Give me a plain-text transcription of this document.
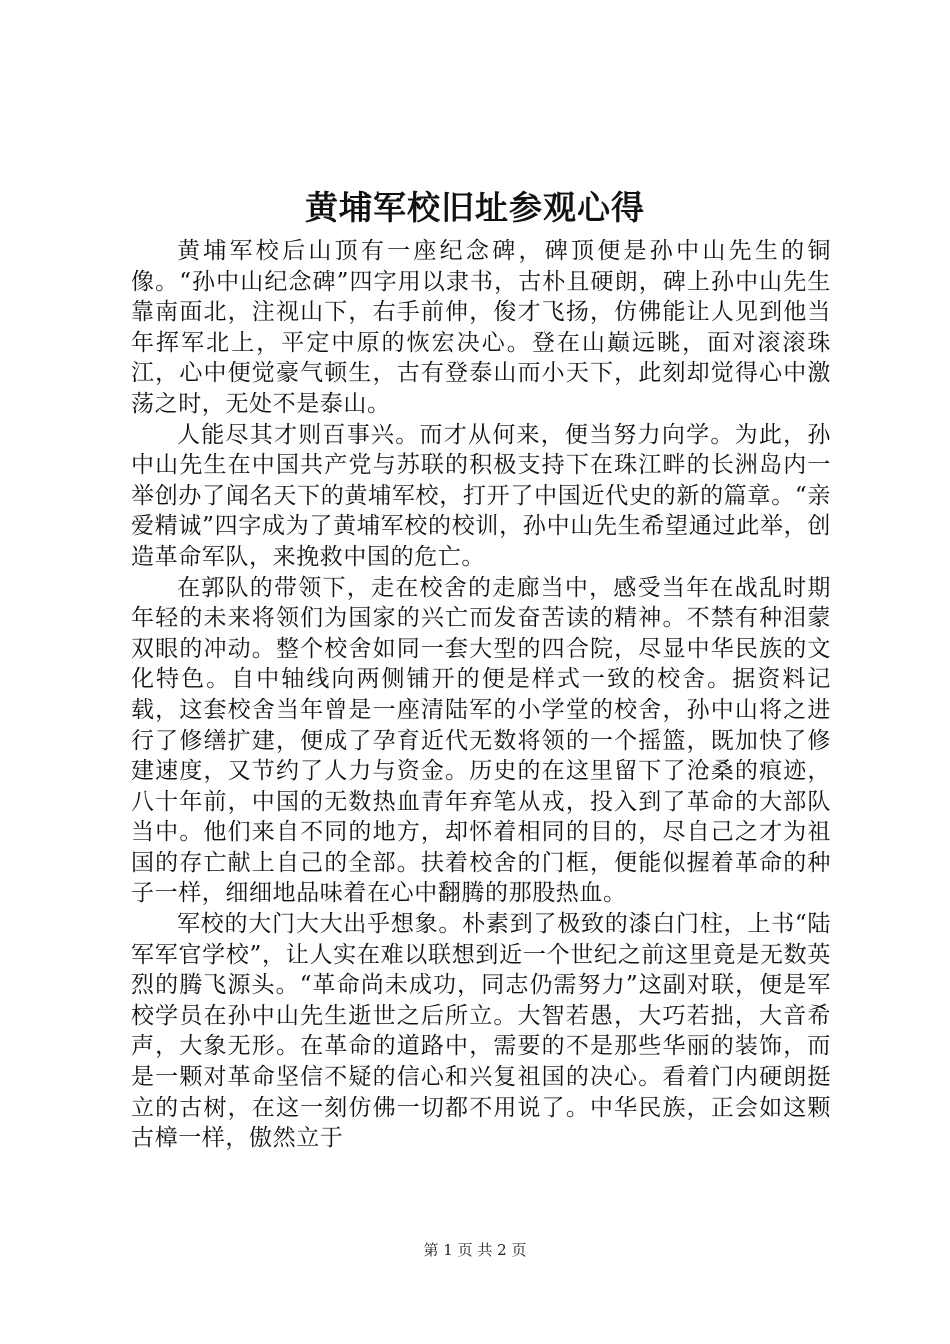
黄埔军校旧址参观心得

黄埔军校后山顶有一座纪念碑，碑顶便是孙中山先生的铜像。“孙中山纪念碑”四字用以隶书，古朴且硬朗，碑上孙中山先生靠南面北，注视山下，右手前伸，俊才飞扬，仿佛能让人见到他当年挥军北上，平定中原的恢宏决心。登在山巅远眺，面对滚滚珠江，心中便觉豪气顿生，古有登泰山而小天下，此刻却觉得心中激荡之时，无处不是泰山。

人能尽其才则百事兴。而才从何来，便当努力向学。为此，孙中山先生在中国共产党与苏联的积极支持下在珠江畔的长洲岛内一举创办了闻名天下的黄埔军校，打开了中国近代史的新的篇章。“亲爱精诚”四字成为了黄埔军校的校训，孙中山先生希望通过此举，创造革命军队，来挽救中国的危亡。

在郭队的带领下，走在校舍的走廊当中，感受当年在战乱时期年轻的未来将领们为国家的兴亡而发奋苦读的精神。不禁有种泪蒙双眼的冲动。整个校舍如同一套大型的四合院，尽显中华民族的文化特色。自中轴线向两侧铺开的便是样式一致的校舍。据资料记载，这套校舍当年曾是一座清陆军的小学堂的校舍，孙中山将之进行了修缮扩建，便成了孕育近代无数将领的一个摇篮，既加快了修建速度，又节约了人力与资金。历史的在这里留下了沧桑的痕迹，八十年前，中国的无数热血青年弃笔从戎，投入到了革命的大部队当中。他们来自不同的地方，却怀着相同的目的，尽自己之才为祖国的存亡献上自己的全部。扶着校舍的门框，便能似握着革命的种子一样，细细地品味着在心中翻腾的那股热血。

军校的大门大大出乎想象。朴素到了极致的漆白门柱，上书“陆军军官学校”，让人实在难以联想到近一个世纪之前这里竟是无数英烈的腾飞源头。“革命尚未成功，同志仍需努力”这副对联，便是军校学员在孙中山先生逝世之后所立。大智若愚，大巧若拙，大音希声，大象无形。在革命的道路中，需要的不是那些华丽的装饰，而是一颗对革命坚信不疑的信心和兴复祖国的决心。看着门内硬朗挺立的古树，在这一刻仿佛一切都不用说了。中华民族，正会如这颗古樟一样，傲然立于

第 1 页 共 2 页
